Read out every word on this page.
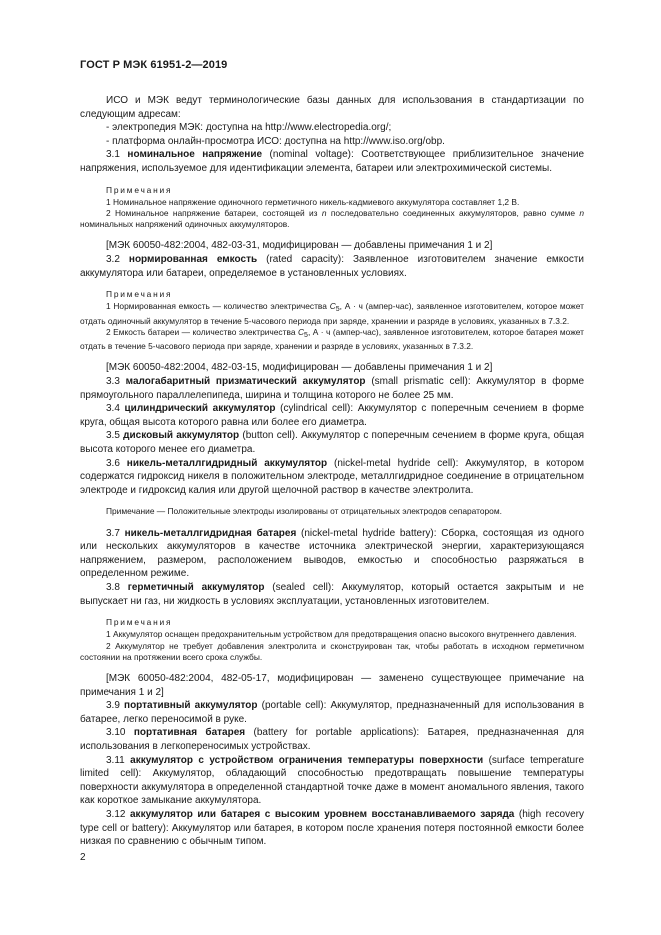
ГОСТ Р МЭК 61951-2—2019

ИСО и МЭК ведут терминологические базы данных для использования в стандартизации по следующим адресам:

- электропедия МЭК: доступна на http://www.electropedia.org/;

- платформа онлайн-просмотра ИСО: доступна на http://www.iso.org/obp.

3.1 номинальное напряжение (nominal voltage): Соответствующее приблизительное значение напряжения, используемое для идентификации элемента, батареи или электрохимической системы.

Примечания

1 Номинальное напряжение одиночного герметичного никель-кадмиевого аккумулятора составляет 1,2 В.

2 Номинальное напряжение батареи, состоящей из n последовательно соединенных аккумуляторов, равно сумме n номинальных напряжений одиночных аккумуляторов.

[МЭК 60050-482:2004, 482-03-31, модифицирован — добавлены примечания 1 и 2]

3.2 нормированная емкость (rated capacity): Заявленное изготовителем значение емкости аккумулятора или батареи, определяемое в установленных условиях.

Примечания

1 Нормированная емкость — количество электричества $C_5$, А · ч (ампер-час), заявленное изготовителем, которое может отдать одиночный аккумулятор в течение 5-часового периода при заряде, хранении и разряде в условиях, указанных в 7.3.2.

2 Емкость батареи — количество электричества $C_5$, А · ч (ампер-час), заявленное изготовителем, которое батарея может отдать в течение 5-часового периода при заряде, хранении и разряде в условиях, указанных в 7.3.2.

[МЭК 60050-482:2004, 482-03-15, модифицирован — добавлены примечания 1 и 2]

3.3 малогабаритный призматический аккумулятор (small prismatic cell): Аккумулятор в форме прямоугольного параллелепипеда, ширина и толщина которого не более 25 мм.

3.4 цилиндрический аккумулятор (cylindrical cell): Аккумулятор с поперечным сечением в форме круга, общая высота которого равна или более его диаметра.

3.5 дисковый аккумулятор (button cell). Аккумулятор с поперечным сечением в форме круга, общая высота которого менее его диаметра.

3.6 никель-металлгидридный аккумулятор (nickel-metal hydride cell): Аккумулятор, в котором содержатся гидроксид никеля в положительном электроде, металлгидридное соединение в отрицательном электроде и гидроксид калия или другой щелочной раствор в качестве электролита.

Примечание — Положительные электроды изолированы от отрицательных электродов сепаратором.

3.7 никель-металлгидридная батарея (nickel-metal hydride battery): Сборка, состоящая из одного или нескольких аккумуляторов в качестве источника электрической энергии, характеризующаяся напряжением, размером, расположением выводов, емкостью и способностью разряжаться в определенном режиме.

3.8 герметичный аккумулятор (sealed cell): Аккумулятор, который остается закрытым и не выпускает ни газ, ни жидкость в условиях эксплуатации, установленных изготовителем.

Примечания

1 Аккумулятор оснащен предохранительным устройством для предотвращения опасно высокого внутреннего давления.

2 Аккумулятор не требует добавления электролита и сконструирован так, чтобы работать в исходном герметичном состоянии на протяжении всего срока службы.

[МЭК 60050-482:2004, 482-05-17, модифицирован — заменено существующее примечание на примечания 1 и 2]

3.9 портативный аккумулятор (portable cell): Аккумулятор, предназначенный для использования в батарее, легко переносимой в руке.

3.10 портативная батарея (battery for portable applications): Батарея, предназначенная для использования в легкопереносимых устройствах.

3.11 аккумулятор с устройством ограничения температуры поверхности (surface temperature limited cell): Аккумулятор, обладающий способностью предотвращать повышение температуры поверхности аккумулятора в определенной стандартной точке даже в момент аномального явления, такого как короткое замыкание аккумулятора.

3.12 аккумулятор или батарея с высоким уровнем восстанавливаемого заряда (high recovery type cell or battery): Аккумулятор или батарея, в котором после хранения потеря постоянной емкости более низкая по сравнению с обычным типом.

2
